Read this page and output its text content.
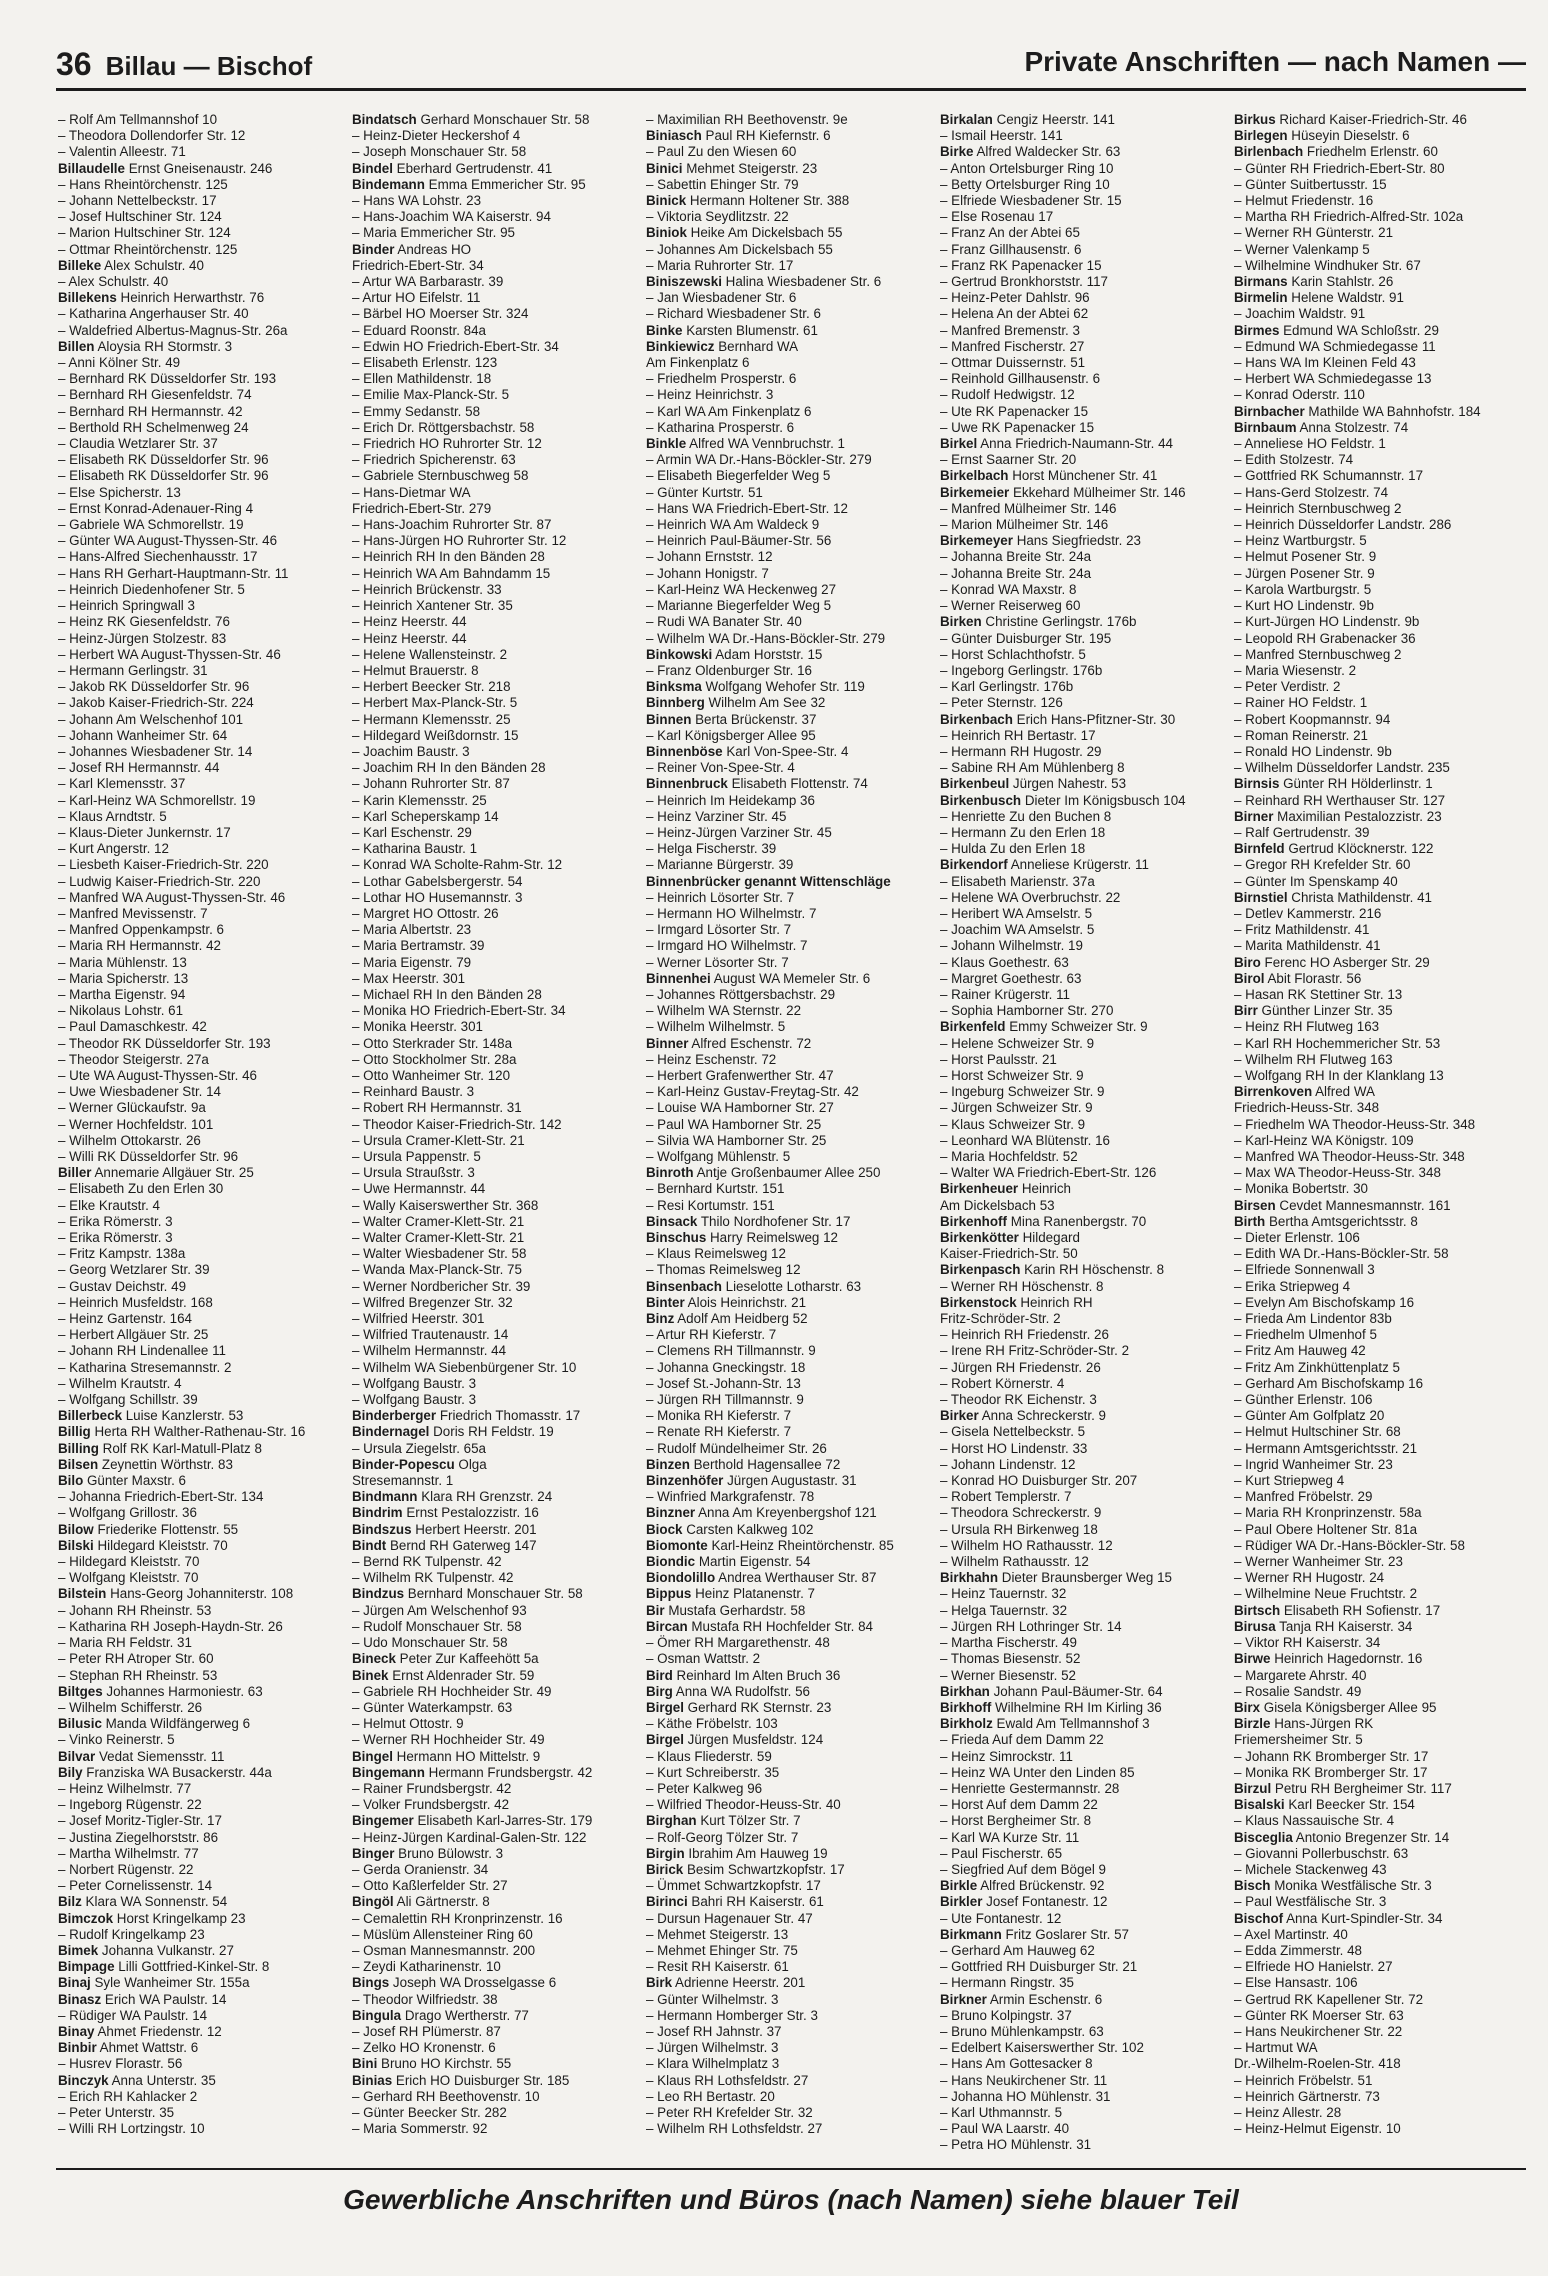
36 Billau — Bischof	Private Anschriften — nach Namen —
– Rolf Am Tellmannshof 10
– Theodora Dollendorfer Str. 12
– Valentin Alleestr. 71
Billaudelle Ernst Gneisenaustr. 246
– Hans Rheintörchenstr. 125
– Johann Nettelbeckstr. 17
– Josef Hultschiner Str. 124
– Marion Hultschiner Str. 124
– Ottmar Rheintörchenstr. 125
Billeke Alex Schulstr. 40
– Alex Schulstr. 40
Billekens Heinrich Herwarthstr. 76
– Katharina Angerhauser Str. 40
– Waldefried Albertus-Magnus-Str. 26a
Billen Aloysia RH Stormstr. 3
– Anni Kölner Str. 49
– Bernhard RK Düsseldorfer Str. 193
– Bernhard RH Giesenfeldstr. 74
– Bernhard RH Hermannstr. 42
– Berthold RH Schelmenweg 24
– Claudia Wetzlarer Str. 37
– Elisabeth RK Düsseldorfer Str. 96
– Elisabeth RK Düsseldorfer Str. 96
– Else Spicherstr. 13
– Ernst Konrad-Adenauer-Ring 4
– Gabriele WA Schmorellstr. 19
– Günter WA August-Thyssen-Str. 46
– Hans-Alfred Siechenhausstr. 17
– Hans RH Gerhart-Hauptmann-Str. 11
– Heinrich Diedenhofener Str. 5
– Heinrich Springwall 3
– Heinz RK Giesenfeldstr. 76
– Heinz-Jürgen Stolzestr. 83
– Herbert WA August-Thyssen-Str. 46
– Hermann Gerlingstr. 31
– Jakob RK Düsseldorfer Str. 96
– Jakob Kaiser-Friedrich-Str. 224
– Johann Am Welschenhof 101
– Johann Wanheimer Str. 64
– Johannes Wiesbadener Str. 14
– Josef RH Hermannstr. 44
– Karl Klemensstr. 37
– Karl-Heinz WA Schmorellstr. 19
– Klaus Arndtstr. 5
– Klaus-Dieter Junkernstr. 17
– Kurt Angerstr. 12
– Liesbeth Kaiser-Friedrich-Str. 220
– Ludwig Kaiser-Friedrich-Str. 220
– Manfred WA August-Thyssen-Str. 46
– Manfred Mevissenstr. 7
– Manfred Oppenkampstr. 6
– Maria RH Hermannstr. 42
– Maria Mühlenstr. 13
– Maria Spicherstr. 13
– Martha Eigenstr. 94
– Nikolaus Lohstr. 61
– Paul Damaschkestr. 42
– Theodor RK Düsseldorfer Str. 193
– Theodor Steigerstr. 27a
– Ute WA August-Thyssen-Str. 46
– Uwe Wiesbadener Str. 14
– Werner Glückaufstr. 9a
– Werner Hochfeldstr. 101
– Wilhelm Ottokarstr. 26
– Willi RK Düsseldorfer Str. 96
Biller Annemarie Allgäuer Str. 25
– Elisabeth Zu den Erlen 30
– Elke Krautstr. 4
– Erika Römerstr. 3
– Erika Römerstr. 3
– Fritz Kampstr. 138a
– Georg Wetzlarer Str. 39
– Gustav Deichstr. 49
– Heinrich Musfeldstr. 168
– Heinz Gartenstr. 164
– Herbert Allgäuer Str. 25
– Johann RH Lindenallee 11
– Katharina Stresemannstr. 2
– Wilhelm Krautstr. 4
– Wolfgang Schillstr. 39
Billerbeck Luise Kanzlerstr. 53
Billig Herta RH Walther-Rathenau-Str. 16
Billing Rolf RK Karl-Matull-Platz 8
Bilsen Zeynettin Wörthstr. 83
Bilo Günter Maxstr. 6
– Johanna Friedrich-Ebert-Str. 134
– Wolfgang Grillostr. 36
Bilow Friederike Flottenstr. 55
Bilski Hildegard Kleiststr. 70
– Hildegard Kleiststr. 70
– Wolfgang Kleiststr. 70
Bilstein Hans-Georg Johanniterstr. 108
– Johann RH Rheinstr. 53
– Katharina RH Joseph-Haydn-Str. 26
– Maria RH Feldstr. 31
– Peter RH Atroper Str. 60
– Stephan RH Rheinstr. 53
Biltges Johannes Harmoniestr. 63
– Wilhelm Schifferstr. 26
Bilusic Manda Wildfängerweg 6
– Vinko Reinerstr. 5
Bilvar Vedat Siemensstr. 11
Bily Franziska WA Busackerstr. 44a
– Heinz Wilhelmstr. 77
– Ingeborg Rügenstr. 22
– Josef Moritz-Tigler-Str. 17
– Justina Ziegelhorststr. 86
– Martha Wilhelmstr. 77
– Norbert Rügenstr. 22
– Peter Cornelissenstr. 14
Bilz Klara WA Sonnenstr. 54
Bimczok Horst Kringelkamp 23
– Rudolf Kringelkamp 23
Bimek Johanna Vulkanstr. 27
Bimpage Lilli Gottfried-Kinkel-Str. 8
Binaj Syle Wanheimer Str. 155a
Binasz Erich WA Paulstr. 14
– Rüdiger WA Paulstr. 14
Binay Ahmet Friedenstr. 12
Binbir Ahmet Wattstr. 6
– Husrev Florastr. 56
Binczyk Anna Unterstr. 35
– Erich RH Kahlacker 2
– Peter Unterstr. 35
– Willi RH Lortzingstr. 10
Bindatsch Gerhard Monschauer Str. 58
– Heinz-Dieter Heckershof 4
– Joseph Monschauer Str. 58
Bindel Eberhard Gertrudenstr. 41
Bindemann Emma Emmericher Str. 95
– Hans WA Lohstr. 23
– Hans-Joachim WA Kaiserstr. 94
– Maria Emmericher Str. 95
Binder Andreas HO
Friedrich-Ebert-Str. 34
– Artur WA Barbarastr. 39
– Artur HO Eifelstr. 11
– Bärbel HO Moerser Str. 324
– Eduard Roonstr. 84a
– Edwin HO Friedrich-Ebert-Str. 34
– Elisabeth Erlenstr. 123
– Ellen Mathildenstr. 18
– Emilie Max-Planck-Str. 5
– Emmy Sedanstr. 58
– Erich Dr. Röttgersbachstr. 58
– Friedrich HO Ruhrorter Str. 12
– Friedrich Spicherenstr. 63
– Gabriele Sternbuschweg 58
– Hans-Dietmar WA
Friedrich-Ebert-Str. 279
– Hans-Joachim Ruhrorter Str. 87
– Hans-Jürgen HO Ruhrorter Str. 12
– Heinrich RH In den Bänden 28
– Heinrich WA Am Bahndamm 15
– Heinrich Brückenstr. 33
– Heinrich Xantener Str. 35
– Heinz Heerstr. 44
– Heinz Heerstr. 44
– Helene Wallensteinstr. 2
– Helmut Brauerstr. 8
– Herbert Beecker Str. 218
– Herbert Max-Planck-Str. 5
– Hermann Klemensstr. 25
– Hildegard Weißdornstr. 15
– Joachim Baustr. 3
– Joachim RH In den Bänden 28
– Johann Ruhrorter Str. 87
– Karin Klemensstr. 25
– Karl Scheperskamp 14
– Karl Eschenstr. 29
– Katharina Baustr. 1
– Konrad WA Scholte-Rahm-Str. 12
– Lothar Gabelsbergerstr. 54
– Lothar HO Husemannstr. 3
– Margret HO Ottostr. 26
– Maria Albertstr. 23
– Maria Bertramstr. 39
– Maria Eigenstr. 79
– Max Heerstr. 301
– Michael RH In den Bänden 28
– Monika HO Friedrich-Ebert-Str. 34
– Monika Heerstr. 301
– Otto Sterkrader Str. 148a
– Otto Stockholmer Str. 28a
– Otto Wanheimer Str. 120
– Reinhard Baustr. 3
– Robert RH Hermannstr. 31
– Theodor Kaiser-Friedrich-Str. 142
– Ursula Cramer-Klett-Str. 21
– Ursula Pappenstr. 5
– Ursula Straußstr. 3
– Uwe Hermannstr. 44
– Wally Kaiserswerther Str. 368
– Walter Cramer-Klett-Str. 21
– Walter Cramer-Klett-Str. 21
– Walter Wiesbadener Str. 58
– Wanda Max-Planck-Str. 75
– Werner Nordbericher Str. 39
– Wilfred Bregenzer Str. 32
– Wilfried Heerstr. 301
– Wilfried Trautenaustr. 14
– Wilhelm Hermannstr. 44
– Wilhelm WA Siebenbürgener Str. 10
– Wolfgang Baustr. 3
– Wolfgang Baustr. 3
Binderberger Friedrich Thomasstr. 17
Bindernagel Doris RH Feldstr. 19
– Ursula Ziegelstr. 65a
Binder-Popescu Olga
Stresemannstr. 1
Bindmann Klara RH Grenzstr. 24
Bindrim Ernst Pestalozzistr. 16
Bindszus Herbert Heerstr. 201
Bindt Bernd RH Gaterweg 147
– Bernd RK Tulpenstr. 42
– Wilhelm RK Tulpenstr. 42
Bindzus Bernhard Monschauer Str. 58
– Jürgen Am Welschenhof 93
– Rudolf Monschauer Str. 58
– Udo Monschauer Str. 58
Bineck Peter Zur Kaffeehött 5a
Binek Ernst Aldenrader Str. 59
– Gabriele RH Hochheider Str. 49
– Günter Waterkampstr. 63
– Helmut Ottostr. 9
– Werner RH Hochheider Str. 49
Bingel Hermann HO Mittelstr. 9
Bingemann Hermann Frundsbergstr. 42
– Rainer Frundsbergstr. 42
– Volker Frundsbergstr. 42
Bingemer Elisabeth Karl-Jarres-Str. 179
– Heinz-Jürgen Kardinal-Galen-Str. 122
Binger Bruno Bülowstr. 3
– Gerda Oranienstr. 34
– Otto Kaßlerfelder Str. 27
Bingöl Ali Gärtnerstr. 8
– Cemalettin RH Kronprinzenstr. 16
– Müslüm Allensteiner Ring 60
– Osman Mannesmannstr. 200
– Zeydi Katharinenstr. 10
Bings Joseph WA Drosselgasse 6
– Theodor Wilfriedstr. 38
Bingula Drago Wertherstr. 77
– Josef RH Plümerstr. 87
– Zelko HO Kronenstr. 6
Bini Bruno HO Kirchstr. 55
Binias Erich HO Duisburger Str. 185
– Gerhard RH Beethovenstr. 10
– Günter Beecker Str. 282
– Maria Sommerstr. 92
– Maximilian RH Beethovenstr. 9e
Biniasch Paul RH Kiefernstr. 6
– Paul Zu den Wiesen 60
Binici Mehmet Steigerstr. 23
– Sabettin Ehinger Str. 79
Binick Hermann Holtener Str. 388
– Viktoria Seydlitzstr. 22
Biniok Heike Am Dickelsbach 55
– Johannes Am Dickelsbach 55
– Maria Ruhrorter Str. 17
Biniszewski Halina Wiesbadener Str. 6
– Jan Wiesbadener Str. 6
– Richard Wiesbadener Str. 6
Binke Karsten Blumenstr. 61
Binkiewicz Bernhard WA
Am Finkenplatz 6
– Friedhelm Prosperstr. 6
– Heinz Heinrichstr. 3
– Karl WA Am Finkenplatz 6
– Katharina Prosperstr. 6
Binkle Alfred WA Vennbruchstr. 1
– Armin WA Dr.-Hans-Böckler-Str. 279
– Elisabeth Biegerfelder Weg 5
– Günter Kurtstr. 51
– Hans WA Friedrich-Ebert-Str. 12
– Heinrich WA Am Waldeck 9
– Heinrich Paul-Bäumer-Str. 56
– Johann Ernststr. 12
– Johann Honigstr. 7
– Karl-Heinz WA Heckenweg 27
– Marianne Biegerfelder Weg 5
– Rudi WA Banater Str. 40
– Wilhelm WA Dr.-Hans-Böckler-Str. 279
Binkowski Adam Horststr. 15
– Franz Oldenburger Str. 16
Binksma Wolfgang Wehofer Str. 119
Binnberg Wilhelm Am See 32
Binnen Berta Brückenstr. 37
– Karl Königsberger Allee 95
Binnenböse Karl Von-Spee-Str. 4
– Reiner Von-Spee-Str. 4
Binnenbruck Elisabeth Flottenstr. 74
– Heinrich Im Heidekamp 36
– Heinz Varziner Str. 45
– Heinz-Jürgen Varziner Str. 45
– Helga Fischerstr. 39
– Marianne Bürgerstr. 39
Binnenbrücker genannt Wittenschläge
– Heinrich Lösorter Str. 7
– Hermann HO Wilhelmstr. 7
– Irmgard Lösorter Str. 7
– Irmgard HO Wilhelmstr. 7
– Werner Lösorter Str. 7
Binnenhei August WA Memeler Str. 6
– Johannes Röttgersbachstr. 29
– Wilhelm WA Sternstr. 22
– Wilhelm Wilhelmstr. 5
Binner Alfred Eschenstr. 72
– Heinz Eschenstr. 72
– Herbert Grafenwerther Str. 47
– Karl-Heinz Gustav-Freytag-Str. 42
– Louise WA Hamborner Str. 27
– Paul WA Hamborner Str. 25
– Silvia WA Hamborner Str. 25
– Wolfgang Mühlenstr. 5
Binroth Antje Großenbaumer Allee 250
– Bernhard Kurtstr. 151
– Resi Kortumstr. 151
Binsack Thilo Nordhofener Str. 17
Binschus Harry Reimelsweg 12
– Klaus Reimelsweg 12
– Thomas Reimelsweg 12
Binsenbach Lieselotte Lotharstr. 63
Binter Alois Heinrichstr. 21
Binz Adolf Am Heidberg 52
– Artur RH Kieferstr. 7
– Clemens RH Tillmannstr. 9
– Johanna Gneckingstr. 18
– Josef St.-Johann-Str. 13
– Jürgen RH Tillmannstr. 9
– Monika RH Kieferstr. 7
– Renate RH Kieferstr. 7
– Rudolf Mündelheimer Str. 26
Binzen Berthold Hagensallee 72
Binzenhöfer Jürgen Augustastr. 31
– Winfried Markgrafenstr. 78
Binzner Anna Am Kreyenbergshof 121
Biock Carsten Kalkweg 102
Biomonte Karl-Heinz Rheintörchenstr. 85
Biondic Martin Eigenstr. 54
Biondolillo Andrea Werthauser Str. 87
Bippus Heinz Platanenstr. 7
Bir Mustafa Gerhardstr. 58
Bircan Mustafa RH Hochfelder Str. 84
– Ömer RH Margarethenstr. 48
– Osman Wattstr. 2
Bird Reinhard Im Alten Bruch 36
Birg Anna WA Rudolfstr. 56
Birgel Gerhard RK Sternstr. 23
– Käthe Fröbelstr. 103
Birgel Jürgen Musfeldstr. 124
– Klaus Fliederstr. 59
– Kurt Schreiberstr. 35
– Peter Kalkweg 96
– Wilfried Theodor-Heuss-Str. 40
Birghan Kurt Tölzer Str. 7
– Rolf-Georg Tölzer Str. 7
Birgin Ibrahim Am Hauweg 19
Birick Besim Schwartzkopfstr. 17
– Ümmet Schwartzkopfstr. 17
Birinci Bahri RH Kaiserstr. 61
– Dursun Hagenauer Str. 47
– Mehmet Steigerstr. 13
– Mehmet Ehinger Str. 75
– Resit RH Kaiserstr. 61
Birk Adrienne Heerstr. 201
– Günter Wilhelmstr. 3
– Hermann Homberger Str. 3
– Josef RH Jahnstr. 37
– Jürgen Wilhelmstr. 3
– Klara Wilhelmplatz 3
– Klaus RH Lothsfeldstr. 27
– Leo RH Bertastr. 20
– Peter RH Krefelder Str. 32
– Wilhelm RH Lothsfeldstr. 27
Birkalan Cengiz Heerstr. 141
– Ismail Heerstr. 141
Birke Alfred Waldecker Str. 63
– Anton Ortelsburger Ring 10
– Betty Ortelsburger Ring 10
– Elfriede Wiesbadener Str. 15
– Else Rosenau 17
– Franz An der Abtei 65
– Franz Gillhausenstr. 6
– Franz RK Papenacker 15
– Gertrud Bronkhorststr. 117
– Heinz-Peter Dahlstr. 96
– Helena An der Abtei 62
– Manfred Bremenstr. 3
– Manfred Fischerstr. 27
– Ottmar Duissernstr. 51
– Reinhold Gillhausenstr. 6
– Rudolf Hedwigstr. 12
– Ute RK Papenacker 15
– Uwe RK Papenacker 15
Birkel Anna Friedrich-Naumann-Str. 44
– Ernst Saarner Str. 20
Birkelbach Horst Münchener Str. 41
Birkemeier Ekkehard Mülheimer Str. 146
– Manfred Mülheimer Str. 146
– Marion Mülheimer Str. 146
Birkemeyer Hans Siegfriedstr. 23
– Johanna Breite Str. 24a
– Johanna Breite Str. 24a
– Konrad WA Maxstr. 8
– Werner Reiserweg 60
Birken Christine Gerlingstr. 176b
– Günter Duisburger Str. 195
– Horst Schlachthofstr. 5
– Ingeborg Gerlingstr. 176b
– Karl Gerlingstr. 176b
– Peter Sternstr. 126
Birkenbach Erich Hans-Pfitzner-Str. 30
– Heinrich RH Bertastr. 17
– Hermann RH Hugostr. 29
– Sabine RH Am Mühlenberg 8
Birkenbeul Jürgen Nahestr. 53
Birkenbusch Dieter Im Königsbusch 104
– Henriette Zu den Buchen 8
– Hermann Zu den Erlen 18
– Hulda Zu den Erlen 18
Birkendorf Anneliese Krügerstr. 11
– Elisabeth Marienstr. 37a
– Helene WA Overbruchstr. 22
– Heribert WA Amselstr. 5
– Joachim WA Amselstr. 5
– Johann Wilhelmstr. 19
– Klaus Goethestr. 63
– Margret Goethestr. 63
– Rainer Krügerstr. 11
– Sophia Hamborner Str. 270
Birkenfeld Emmy Schweizer Str. 9
– Helene Schweizer Str. 9
– Horst Paulsstr. 21
– Horst Schweizer Str. 9
– Ingeburg Schweizer Str. 9
– Jürgen Schweizer Str. 9
– Klaus Schweizer Str. 9
– Leonhard WA Blütenstr. 16
– Maria Hochfeldstr. 52
– Walter WA Friedrich-Ebert-Str. 126
Birkenheuer Heinrich
Am Dickelsbach 53
Birkenhoff Mina Ranenbergstr. 70
Birkenkötter Hildegard
Kaiser-Friedrich-Str. 50
Birkenpasch Karin RH Höschenstr. 8
– Werner RH Höschenstr. 8
Birkenstock Heinrich RH
Fritz-Schröder-Str. 2
– Heinrich RH Friedenstr. 26
– Irene RH Fritz-Schröder-Str. 2
– Jürgen RH Friedenstr. 26
– Robert Körnerstr. 4
– Theodor RK Eichenstr. 3
Birker Anna Schreckerstr. 9
– Gisela Nettelbeckstr. 5
– Horst HO Lindenstr. 33
– Johann Lindenstr. 12
– Konrad HO Duisburger Str. 207
– Robert Templerstr. 7
– Theodora Schreckerstr. 9
– Ursula RH Birkenweg 18
– Wilhelm HO Rathausstr. 12
– Wilhelm Rathausstr. 12
Birkhahn Dieter Braunsberger Weg 15
– Heinz Tauernstr. 32
– Helga Tauernstr. 32
– Jürgen RH Lothringer Str. 14
– Martha Fischerstr. 49
– Thomas Biesenstr. 52
– Werner Biesenstr. 52
Birkhan Johann Paul-Bäumer-Str. 64
Birkhoff Wilhelmine RH Im Kirling 36
Birkholz Ewald Am Tellmannshof 3
– Frieda Auf dem Damm 22
– Heinz Simrockstr. 11
– Heinz WA Unter den Linden 85
– Henriette Gestermannstr. 28
– Horst Auf dem Damm 22
– Horst Bergheimer Str. 8
– Karl WA Kurze Str. 11
– Paul Fischerstr. 65
– Siegfried Auf dem Bögel 9
Birkle Alfred Brückenstr. 92
Birkler Josef Fontanestr. 12
– Ute Fontanestr. 12
Birkmann Fritz Goslarer Str. 57
– Gerhard Am Hauweg 62
– Gottfried RH Duisburger Str. 21
– Hermann Ringstr. 35
Birkner Armin Eschenstr. 6
– Bruno Kolpingstr. 37
– Bruno Mühlenkampstr. 63
– Edelbert Kaiserswerther Str. 102
– Hans Am Gottesacker 8
– Hans Neukirchener Str. 11
– Johanna HO Mühlenstr. 31
– Karl Uthmannstr. 5
– Paul WA Laarstr. 40
– Petra HO Mühlenstr. 31
Birkus Richard Kaiser-Friedrich-Str. 46
Birlegen Hüseyin Dieselstr. 6
Birlenbach Friedhelm Erlenstr. 60
– Günter RH Friedrich-Ebert-Str. 80
– Günter Suitbertusstr. 15
– Helmut Friedenstr. 16
– Martha RH Friedrich-Alfred-Str. 102a
– Werner RH Günterstr. 21
– Werner Valenkamp 5
– Wilhelmine Windhuker Str. 67
Birmans Karin Stahlstr. 26
Birmelin Helene Waldstr. 91
– Joachim Waldstr. 91
Birmes Edmund WA Schloßstr. 29
– Edmund WA Schmiedegasse 11
– Hans WA Im Kleinen Feld 43
– Herbert WA Schmiedegasse 13
– Konrad Oderstr. 110
Birnbacher Mathilde WA Bahnhofstr. 184
Birnbaum Anna Stolzestr. 74
– Anneliese HO Feldstr. 1
– Edith Stolzestr. 74
– Gottfried RK Schumannstr. 17
– Hans-Gerd Stolzestr. 74
– Heinrich Sternbuschweg 2
– Heinrich Düsseldorfer Landstr. 286
– Heinz Wartburgstr. 5
– Helmut Posener Str. 9
– Jürgen Posener Str. 9
– Karola Wartburgstr. 5
– Kurt HO Lindenstr. 9b
– Kurt-Jürgen HO Lindenstr. 9b
– Leopold RH Grabenacker 36
– Manfred Sternbuschweg 2
– Maria Wiesenstr. 2
– Peter Verdistr. 2
– Rainer HO Feldstr. 1
– Robert Koopmannstr. 94
– Roman Reinerstr. 21
– Ronald HO Lindenstr. 9b
– Wilhelm Düsseldorfer Landstr. 235
Birnsis Günter RH Hölderlinstr. 1
– Reinhard RH Werthauser Str. 127
Birner Maximilian Pestalozzistr. 23
– Ralf Gertrudenstr. 39
Birnfeld Gertrud Klöcknerstr. 122
– Gregor RH Krefelder Str. 60
– Günter Im Spenskamp 40
Birnstiel Christa Mathildenstr. 41
– Detlev Kammerstr. 216
– Fritz Mathildenstr. 41
– Marita Mathildenstr. 41
Biro Ferenc HO Asberger Str. 29
Birol Abit Florastr. 56
– Hasan RK Stettiner Str. 13
Birr Günther Linzer Str. 35
– Heinz RH Flutweg 163
– Karl RH Hochemmericher Str. 53
– Wilhelm RH Flutweg 163
– Wolfgang RH In der Klanklang 13
Birrenkoven Alfred WA
Friedrich-Heuss-Str. 348
– Friedhelm WA Theodor-Heuss-Str. 348
– Karl-Heinz WA Königstr. 109
– Manfred WA Theodor-Heuss-Str. 348
– Max WA Theodor-Heuss-Str. 348
– Monika Bobertstr. 30
Birsen Cevdet Mannesmannstr. 161
Birth Bertha Amtsgerichtsstr. 8
– Dieter Erlenstr. 106
– Edith WA Dr.-Hans-Böckler-Str. 58
– Elfriede Sonnenwall 3
– Erika Striepweg 4
– Evelyn Am Bischofskamp 16
– Frieda Am Lindentor 83b
– Friedhelm Ulmenhof 5
– Fritz Am Hauweg 42
– Fritz Am Zinkhüttenplatz 5
– Gerhard Am Bischofskamp 16
– Günther Erlenstr. 106
– Günter Am Golfplatz 20
– Helmut Hultschiner Str. 68
– Hermann Amtsgerichtsstr. 21
– Ingrid Wanheimer Str. 23
– Kurt Striepweg 4
– Manfred Fröbelstr. 29
– Maria RH Kronprinzenstr. 58a
– Paul Obere Holtener Str. 81a
– Rüdiger WA Dr.-Hans-Böckler-Str. 58
– Werner Wanheimer Str. 23
– Werner RH Hugostr. 24
– Wilhelmine Neue Fruchtstr. 2
Birtsch Elisabeth RH Sofienstr. 17
Birusa Tanja RH Kaiserstr. 34
– Viktor RH Kaiserstr. 34
Birwe Heinrich Hagedornstr. 16
– Margarete Ahrstr. 40
– Rosalie Sandstr. 49
Birx Gisela Königsberger Allee 95
Birzle Hans-Jürgen RK
Friemersheimer Str. 5
– Johann RK Bromberger Str. 17
– Monika RK Bromberger Str. 17
Birzul Petru RH Bergheimer Str. 117
Bisalski Karl Beecker Str. 154
– Klaus Nassauische Str. 4
Bisceglia Antonio Bregenzer Str. 14
– Giovanni Pollerbuschstr. 63
– Michele Stackenweg 43
Bisch Monika Westfälische Str. 3
– Paul Westfälische Str. 3
Bischof Anna Kurt-Spindler-Str. 34
– Axel Martinstr. 40
– Edda Zimmerstr. 48
– Elfriede HO Hanielstr. 27
– Else Hansastr. 106
– Gertrud RK Kapellener Str. 72
– Günter RK Moerser Str. 63
– Hans Neukirchener Str. 22
– Hartmut WA
Dr.-Wilhelm-Roelen-Str. 418
– Heinrich Fröbelstr. 51
– Heinrich Gärtnerstr. 73
– Heinz Allestr. 28
– Heinz-Helmut Eigenstr. 10
Gewerbliche Anschriften und Büros (nach Namen) siehe blauer Teil
